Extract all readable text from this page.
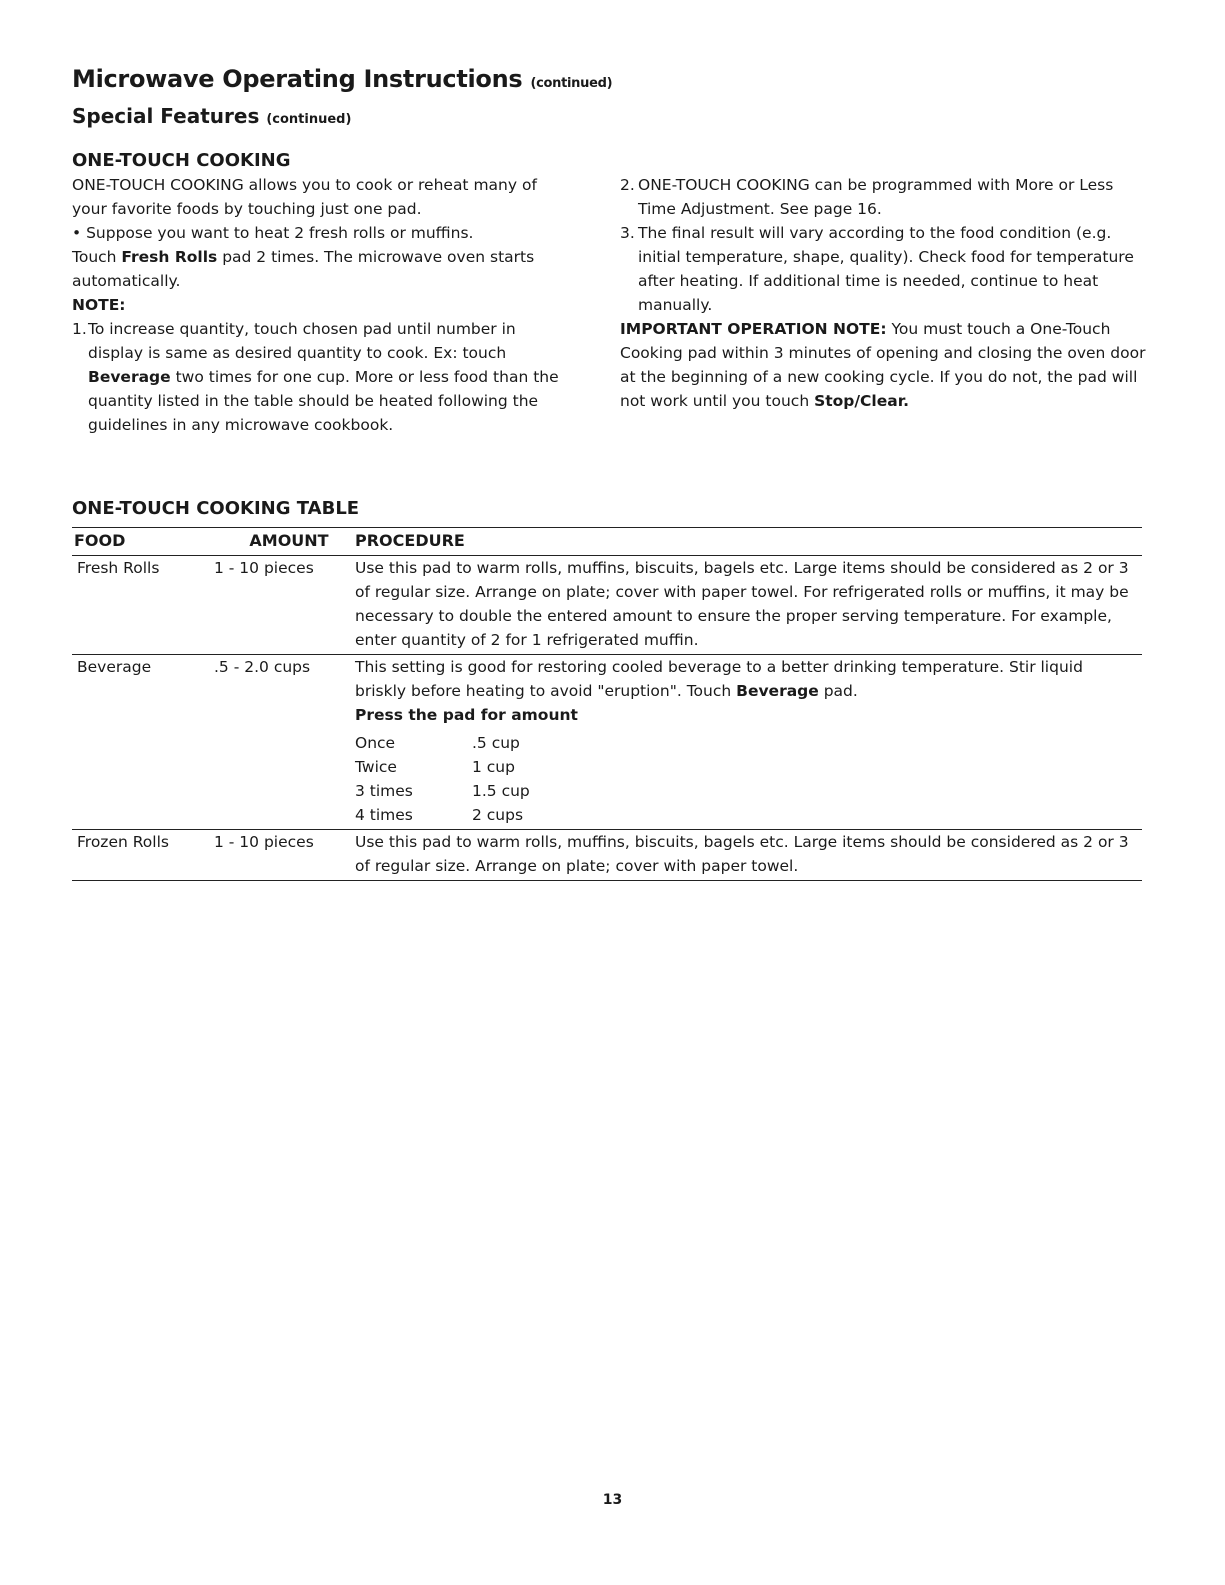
Microwave Operating Instructions (continued)
Special Features (continued)

ONE-TOUCH COOKING

ONE-TOUCH COOKING allows you to cook or reheat many of your favorite foods by touching just one pad.

• Suppose you want to heat 2 fresh rolls or muffins.

Touch Fresh Rolls pad 2 times. The microwave oven starts automatically.

NOTE:

1. To increase quantity, touch chosen pad until number in display is same as desired quantity to cook. Ex: touch Beverage two times for one cup. More or less food than the quantity listed in the table should be heated following the guidelines in any microwave cookbook.

2. ONE-TOUCH COOKING can be programmed with More or Less Time Adjustment. See page 16.

3. The final result will vary according to the food condition (e.g. initial temperature, shape, quality). Check food for temperature after heating. If additional time is needed, continue to heat manually.

IMPORTANT OPERATION NOTE: You must touch a One-Touch Cooking pad within 3 minutes of opening and closing the oven door at the beginning of a new cooking cycle. If you do not, the pad will not work until you touch Stop/Clear.

ONE-TOUCH COOKING TABLE

FOOD	AMOUNT	PROCEDURE
Fresh Rolls	1 - 10 pieces	Use this pad to warm rolls, muffins, biscuits, bagels etc. Large items should be considered as 2 or 3 of regular size. Arrange on plate; cover with paper towel. For refrigerated rolls or muffins, it may be necessary to double the entered amount to ensure the proper serving temperature. For example, enter quantity of 2 for 1 refrigerated muffin.
Beverage	.5 - 2.0 cups	This setting is good for restoring cooled beverage to a better drinking temperature. Stir liquid briskly before heating to avoid "eruption". Touch Beverage pad.
Press the pad for amount
Once	.5 cup
Twice	1 cup
3 times	1.5 cup
4 times	2 cups
Frozen Rolls	1 - 10 pieces	Use this pad to warm rolls, muffins, biscuits, bagels etc. Large items should be considered as 2 or 3 of regular size. Arrange on plate; cover with paper towel.
13
